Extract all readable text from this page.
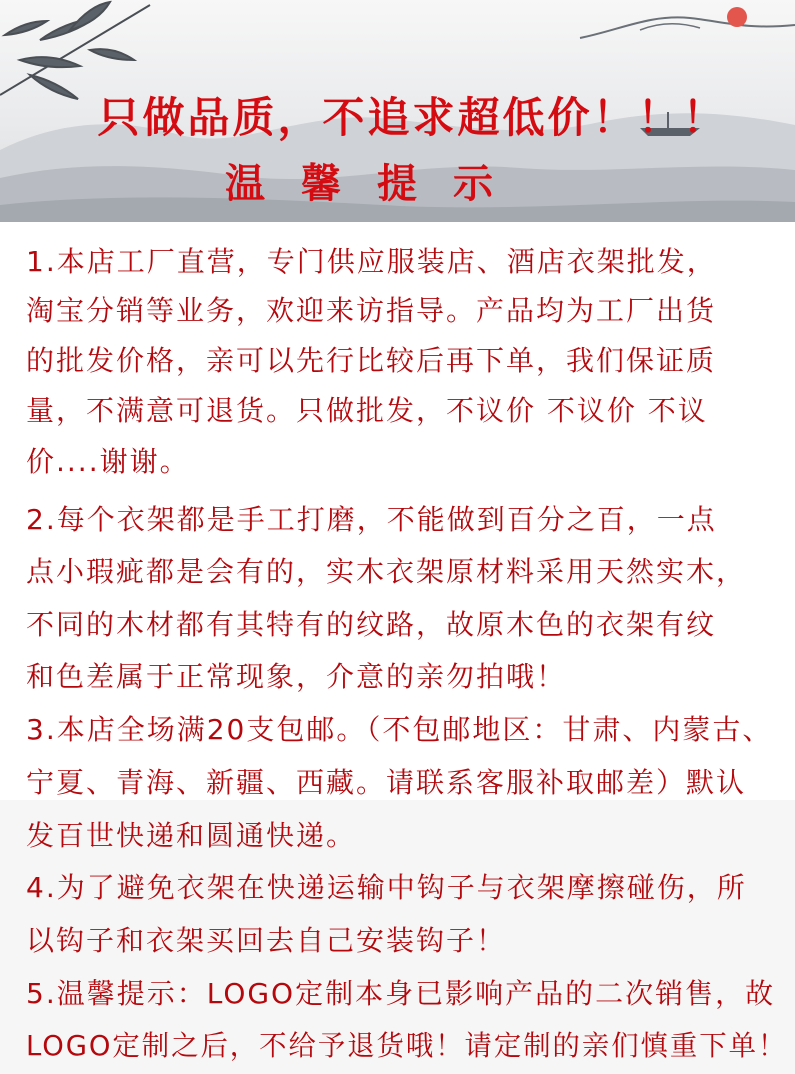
只做品质，不追求超低价！！！
温馨提示
1.本店工厂直营，专门供应服装店、酒店衣架批发，
淘宝分销等业务，欢迎来访指导。产品均为工厂出货
的批发价格，亲可以先行比较后再下单，我们保证质
量，不满意可退货。只做批发，不议价 不议价 不议
价....谢谢。
2.每个衣架都是手工打磨，不能做到百分之百，一点
点小瑕疵都是会有的，实木衣架原材料采用天然实木，
不同的木材都有其特有的纹路，故原木色的衣架有纹
和色差属于正常现象，介意的亲勿拍哦！
3.本店全场满20支包邮。（不包邮地区：甘肃、内蒙古、
宁夏、青海、新疆、西藏。请联系客服补取邮差）默认
发百世快递和圆通快递。
4.为了避免衣架在快递运输中钩子与衣架摩擦碰伤，所
以钩子和衣架买回去自己安装钩子！
5.温馨提示：LOGO定制本身已影响产品的二次销售，故
LOGO定制之后，不给予退货哦！请定制的亲们慎重下单！
